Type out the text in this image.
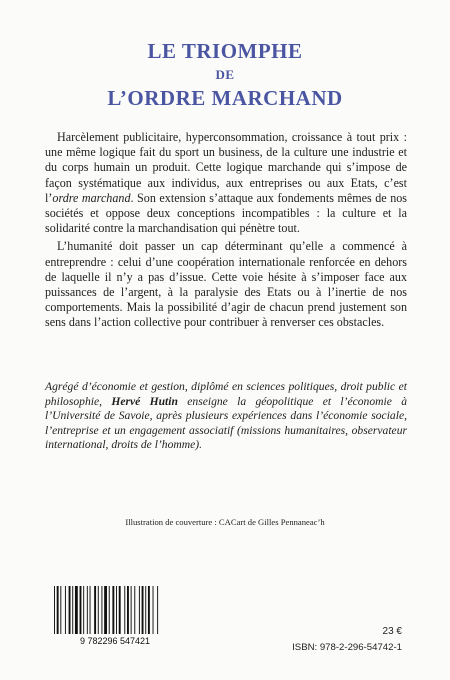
LE TRIOMPHE
DE
L’ORDRE MARCHAND

Harcèlement publicitaire, hyperconsommation, croissance à tout prix : une même logique fait du sport un business, de la culture une industrie et du corps humain un produit. Cette logique marchande qui s’impose de façon systématique aux individus, aux entreprises ou aux Etats, c’est l’ordre marchand. Son extension s’attaque aux fondements mêmes de nos sociétés et oppose deux conceptions incompatibles : la culture et la solidarité contre la marchandisation qui pénètre tout.

L’humanité doit passer un cap déterminant qu’elle a commencé à entreprendre : celui d’une coopération internationale renforcée en dehors de laquelle il n’y a pas d’issue. Cette voie hésite à s’imposer face aux puissances de l’argent, à la paralysie des Etats ou à l’inertie de nos comportements. Mais la possibilité d’agir de chacun prend justement son sens dans l’action collective pour contribuer à renverser ces obstacles.

Agrégé d’économie et gestion, diplômé en sciences politiques, droit public et philosophie, Hervé Hutin enseigne la géopolitique et l’économie à l’Université de Savoie, après plusieurs expériences dans l’économie sociale, l’entreprise et un engagement associatif (missions humanitaires, observateur international, droits de l’homme).
Illustration de couverture : CACart de Gilles Pennaneac’h
9 782296 547421
23 €
ISBN: 978-2-296-54742-1
